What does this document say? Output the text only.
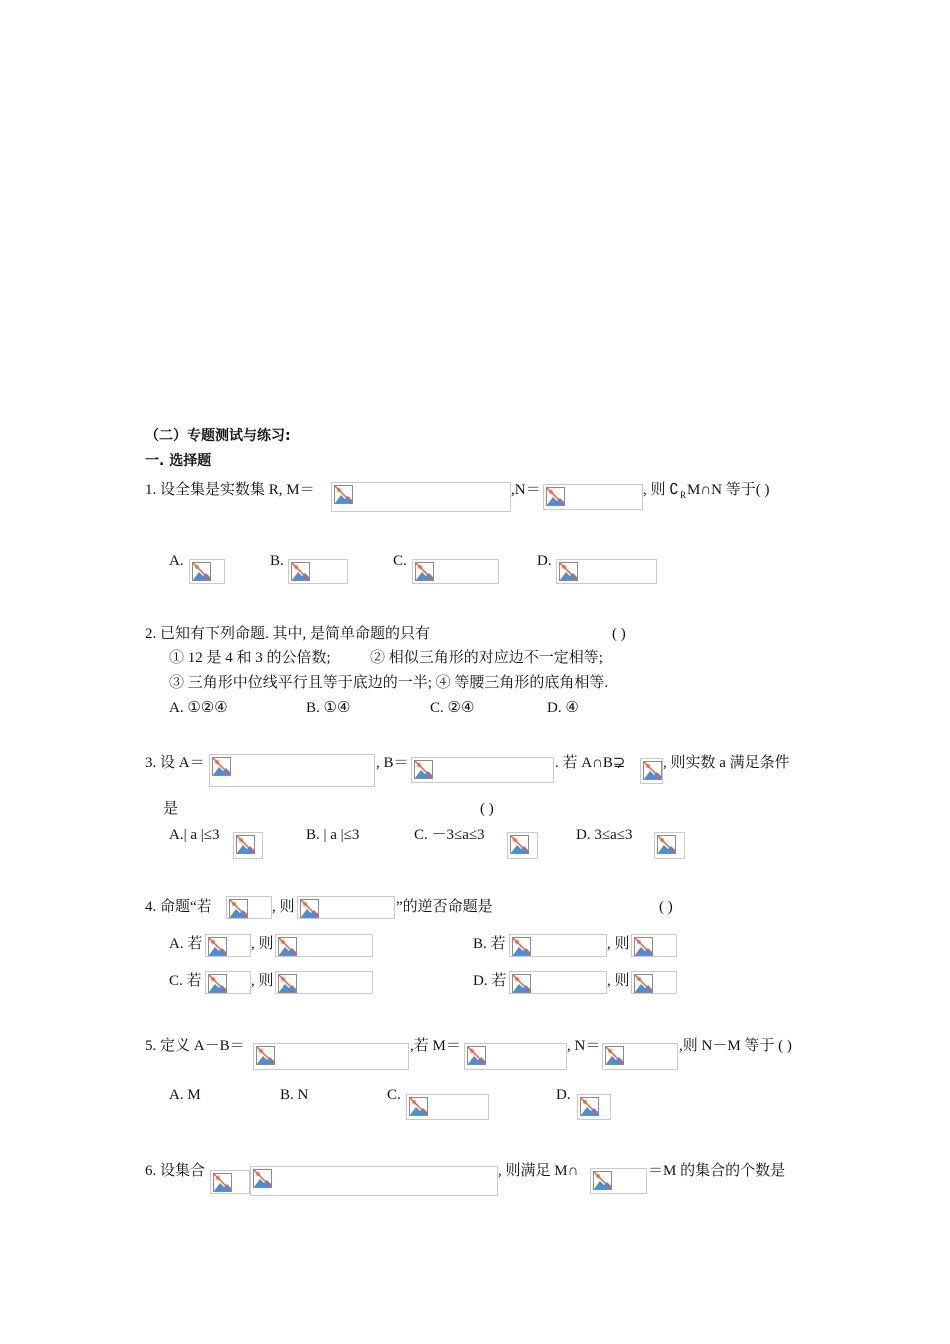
（二）专题测试与练习:
一. 选择题
1. 设全集是实数集 R, M＝	,N＝	, 则 ∁ R M∩N 等于( )
A.	B.	C.	D.
2. 已知有下列命题. 其中, 是简单命题的只有	( )
① 12 是 4 和 3 的公倍数;	② 相似三角形的对应边不一定相等;
③ 三角形中位线平行且等于底边的一半; ④ 等腰三角形的底角相等.
A. ①②④	B. ①④	C. ②④	D. ④
3. 设 A＝	, B＝	. 若 A∩B⊋	, 则实数 a 满足条件
是	( )
A.| a |≤3	B. | a |≤3	C. －3≤a≤3	D. 3≤a≤3
4. 命题“若	, 则	”的逆否命题是	( )
A. 若	, 则	B. 若	, 则
C. 若	, 则	D. 若	, 则
5. 定义 A－B＝	,若 M＝	, N＝	,则 N－M 等于 ( )
A. M	B. N	C.	D.
6. 设集合	, 则满足 M∩	＝M 的集合的个数是
